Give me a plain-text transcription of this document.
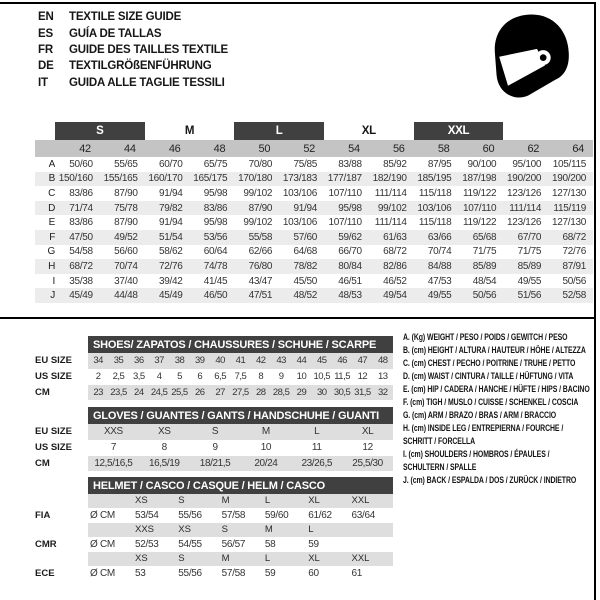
EN	TEXTILE SIZE GUIDE
ES	GUÍA DE TALLAS
FR	GUIDE DES TAILLES TEXTILE
DE	TEXTILGRÖßENFÜHRUNG
IT	GUIDA ALLE TAGLIE TESSILI
	S		M		L		XL		XXL			
	42	44	46	48	50	52	54	56	58	60	62	64
A	50/60	55/65	60/70	65/75	70/80	75/85	83/88	85/92	87/95	90/100	95/100	105/115
B	150/160	155/165	160/170	165/175	170/180	173/183	177/187	182/190	185/195	187/198	190/200	190/200
C	83/86	87/90	91/94	95/98	99/102	103/106	107/110	111/114	115/118	119/122	123/126	127/130
D	71/74	75/78	79/82	83/86	87/90	91/94	95/98	99/102	103/106	107/110	111/114	115/119
E	83/86	87/90	91/94	95/98	99/102	103/106	107/110	111/114	115/118	119/122	123/126	127/130
F	47/50	49/52	51/54	53/56	55/58	57/60	59/62	61/63	63/66	65/68	67/70	68/72
G	54/58	56/60	58/62	60/64	62/66	64/68	66/70	68/72	70/74	71/75	71/75	72/76
H	68/72	70/74	72/76	74/78	76/80	78/82	80/84	82/86	84/88	85/89	85/89	87/91
I	35/38	37/40	39/42	41/45	43/47	45/50	46/51	46/52	47/53	48/54	49/55	50/56
J	45/49	44/48	45/49	46/50	47/51	48/52	48/53	49/54	49/55	50/56	51/56	52/58
	SHOES/ ZAPATOS / CHAUSSURES / SCHUHE / SCARPE														
EU SIZE	34	35	36	37	38	39	40	41	42	43	44	45	46	47	48
US SIZE	2	2,5	3,5	4	5	6	6,5	7,5	8	9	10	10,5	11,5	12	13
CM	23	23,5	24	24,5	25,5	26	27	27,5	28	28,5	29	30	30,5	31,5	32
	GLOVES / GUANTES / GANTS / HANDSCHUHE / GUANTI					
EU SIZE	XXS	XS	S	M	L	XL
US SIZE	7	8	9	10	11	12
CM	12,5/16,5	16,5/19	18/21,5	20/24	23/26,5	25,5/30
	HELMET / CASCO / CASQUE / HELM / CASCO						
		XS	S	M	L	XL	XXL
FIA	Ø CM	53/54	55/56	57/58	59/60	61/62	63/64
		XXS	XS	S	M	L	
CMR	Ø CM	52/53	54/55	56/57	58	59	
		XS	S	M	L	XL	XXL
ECE	Ø CM	53	55/56	57/58	59	60	61
A. (Kg) WEIGHT / PESO / POIDS / GEWITCH / PESO
B. (cm) HEIGHT / ALTURA / HAUTEUR / HÖHE / ALTEZZA
C. (cm) CHEST / PECHO / POITRINE / TRUHE / PETTO
D. (cm) WAIST / CINTURA / TAILLE / HÜFTUNG / VITA
E. (cm) HIP / CADERA / HANCHE / HÜFTE / HIPS / BACINO
F. (cm) TIGH / MUSLO / CUISSE / SCHENKEL / COSCIA
G. (cm) ARM / BRAZO / BRAS / ARM / BRACCIO
H. (cm) INSIDE LEG / ENTREPIERNA / FOURCHE /
SCHRITT / FORCELLA
I. (cm) SHOULDERS / HOMBROS / ÉPAULES /
SCHULTERN / SPALLE
J. (cm) BACK / ESPALDA / DOS / ZURÜCK / INDIETRO
